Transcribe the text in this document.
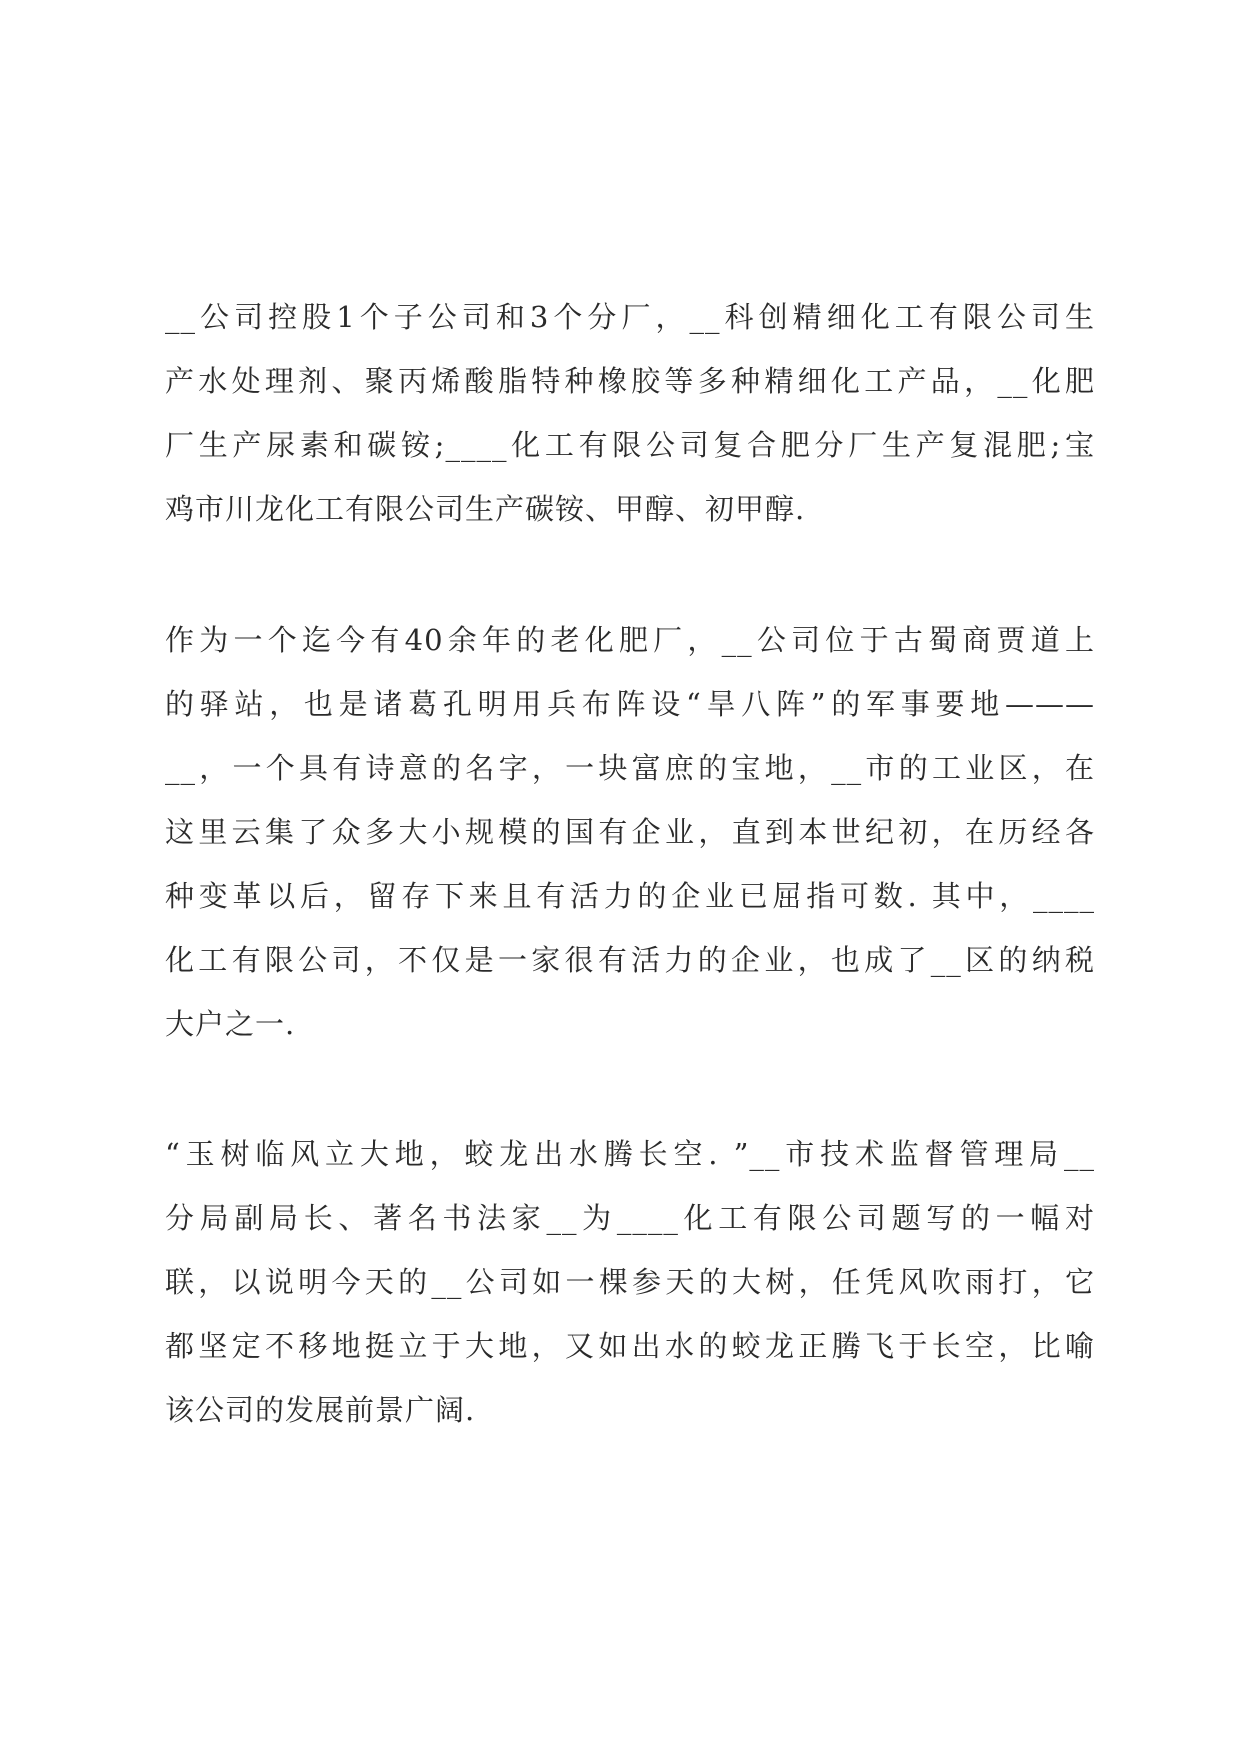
__公司控股1个子公司和3个分厂，__科创精细化工有限公司生
产水处理剂、聚丙烯酸脂特种橡胶等多种精细化工产品，__化肥
厂生产尿素和碳铵;____化工有限公司复合肥分厂生产复混肥;宝
鸡市川龙化工有限公司生产碳铵、甲醇、初甲醇.

作为一个迄今有40余年的老化肥厂，__公司位于古蜀商贾道上
的驿站，也是诸葛孔明用兵布阵设“旱八阵”的军事要地———
__，一个具有诗意的名字，一块富庶的宝地，__市的工业区，在
这里云集了众多大小规模的国有企业，直到本世纪初，在历经各
种变革以后，留存下来且有活力的企业已屈指可数. 其中，____
化工有限公司，不仅是一家很有活力的企业，也成了__区的纳税
大户之一.

“玉树临风立大地，蛟龙出水腾长空. ”__市技术监督管理局__
分局副局长、著名书法家__为____化工有限公司题写的一幅对
联，以说明今天的__公司如一棵参天的大树，任凭风吹雨打，它
都坚定不移地挺立于大地，又如出水的蛟龙正腾飞于长空，比喻
该公司的发展前景广阔.
